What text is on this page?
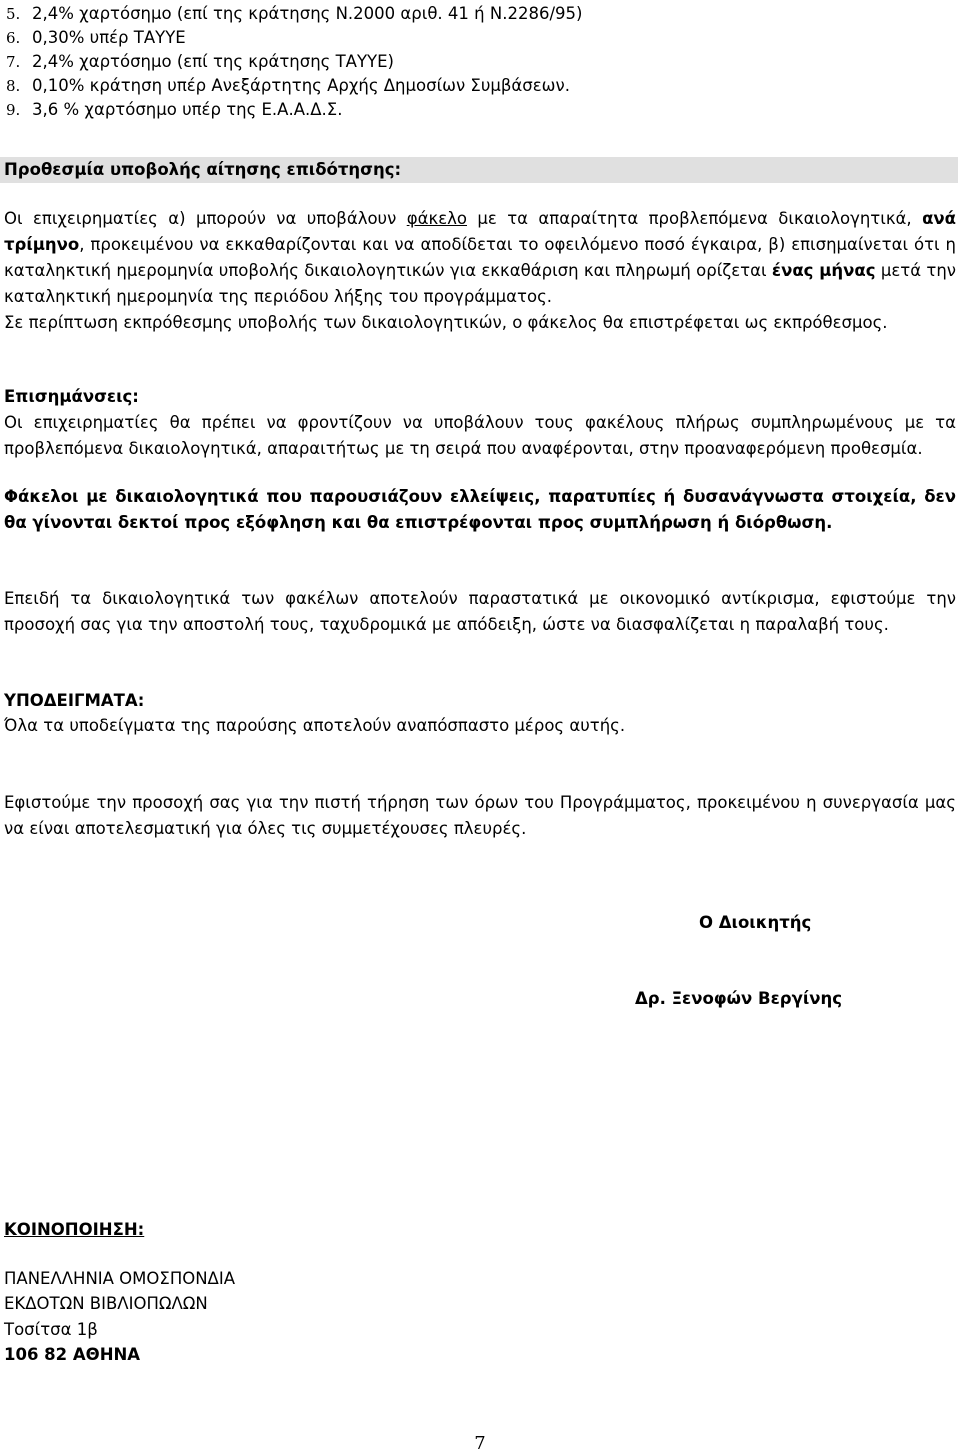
5. 2,4% χαρτόσημο (επί της κράτησης Ν.2000 αριθ. 41 ή Ν.2286/95)
6. 0,30% υπέρ ΤΑΥΥΕ
7. 2,4% χαρτόσημο (επί της κράτησης ΤΑΥΥΕ)
8. 0,10% κράτηση υπέρ Ανεξάρτητης Αρχής Δημοσίων Συμβάσεων.
9. 3,6 % χαρτόσημο υπέρ της Ε.Α.Α.Δ.Σ.
Προθεσμία υποβολής αίτησης επιδότησης:
Οι επιχειρηματίες α) μπορούν να υποβάλουν φάκελο με τα απαραίτητα προβλεπόμενα δικαιολογητικά, ανά τρίμηνο, προκειμένου να εκκαθαρίζονται και να αποδίδεται το οφειλόμενο ποσό έγκαιρα, β) επισημαίνεται ότι η καταληκτική ημερομηνία υποβολής δικαιολογητικών για εκκαθάριση και πληρωμή ορίζεται ένας μήνας μετά την καταληκτική ημερομηνία της περιόδου λήξης του προγράμματος.
Σε περίπτωση εκπρόθεσμης υποβολής των δικαιολογητικών, ο φάκελος θα επιστρέφεται ως εκπρόθεσμος.
Επισημάνσεις:
Οι επιχειρηματίες θα πρέπει να φροντίζουν να υποβάλουν τους φακέλους πλήρως συμπληρωμένους με τα προβλεπόμενα δικαιολογητικά, απαραιτήτως με τη σειρά που αναφέρονται, στην προαναφερόμενη προθεσμία.
Φάκελοι με δικαιολογητικά που παρουσιάζουν ελλείψεις, παρατυπίες ή δυσανάγνωστα στοιχεία, δεν θα γίνονται δεκτοί προς εξόφληση και θα επιστρέφονται προς συμπλήρωση ή διόρθωση.
Επειδή τα δικαιολογητικά των φακέλων αποτελούν παραστατικά με οικονομικό αντίκρισμα, εφιστούμε την προσοχή σας για την αποστολή τους, ταχυδρομικά με απόδειξη, ώστε να διασφαλίζεται η παραλαβή τους.
ΥΠΟΔΕΙΓΜΑΤΑ:
Όλα τα υποδείγματα της παρούσης αποτελούν αναπόσπαστο μέρος αυτής.
Εφιστούμε την προσοχή σας για την πιστή τήρηση των όρων του Προγράμματος, προκειμένου η συνεργασία μας να είναι αποτελεσματική για όλες τις συμμετέχουσες πλευρές.
Ο Διοικητής
Δρ. Ξενοφών Βεργίνης
ΚΟΙΝΟΠΟΙΗΣΗ:
ΠΑΝΕΛΛΗΝΙΑ ΟΜΟΣΠΟΝΔΙΑ
ΕΚΔΟΤΩΝ ΒΙΒΛΙΟΠΩΛΩΝ
Τοσίτσα 1β
106 82 ΑΘΗΝΑ
7
